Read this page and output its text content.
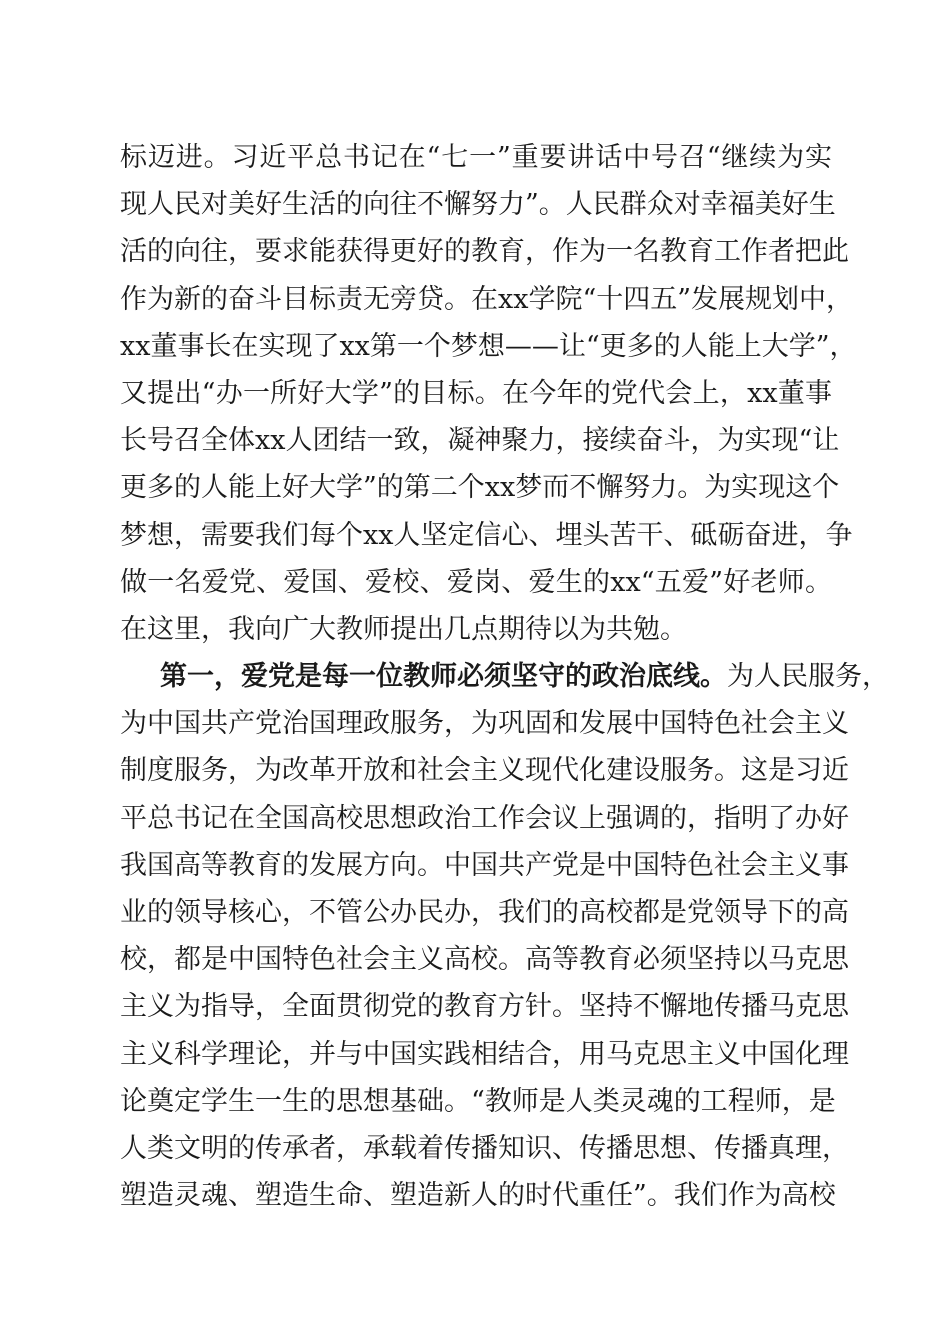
标迈进。习近平总书记在“七一”重要讲话中号召“继续为实
现人民对美好生活的向往不懈努力”。人民群众对幸福美好生
活的向往，要求能获得更好的教育，作为一名教育工作者把此
作为新的奋斗目标责无旁贷。在xx学院“十四五”发展规划中，
xx董事长在实现了xx第一个梦想——让“更多的人能上大学”，
又提出“办一所好大学”的目标。在今年的党代会上，xx董事
长号召全体xx人团结一致，凝神聚力，接续奋斗，为实现“让
更多的人能上好大学”的第二个xx梦而不懈努力。为实现这个
梦想，需要我们每个xx人坚定信心、埋头苦干、砥砺奋进，争
做一名爱党、爱国、爱校、爱岗、爱生的xx“五爱”好老师。
在这里，我向广大教师提出几点期待以为共勉。
第一，爱党是每一位教师必须坚守的政治底线。为人民服务，
为中国共产党治国理政服务，为巩固和发展中国特色社会主义
制度服务，为改革开放和社会主义现代化建设服务。这是习近
平总书记在全国高校思想政治工作会议上强调的，指明了办好
我国高等教育的发展方向。中国共产党是中国特色社会主义事
业的领导核心，不管公办民办，我们的高校都是党领导下的高
校，都是中国特色社会主义高校。高等教育必须坚持以马克思
主义为指导，全面贯彻党的教育方针。坚持不懈地传播马克思
主义科学理论，并与中国实践相结合，用马克思主义中国化理
论奠定学生一生的思想基础。“教师是人类灵魂的工程师，是
人类文明的传承者，承载着传播知识、传播思想、传播真理，
塑造灵魂、塑造生命、塑造新人的时代重任”。我们作为高校
